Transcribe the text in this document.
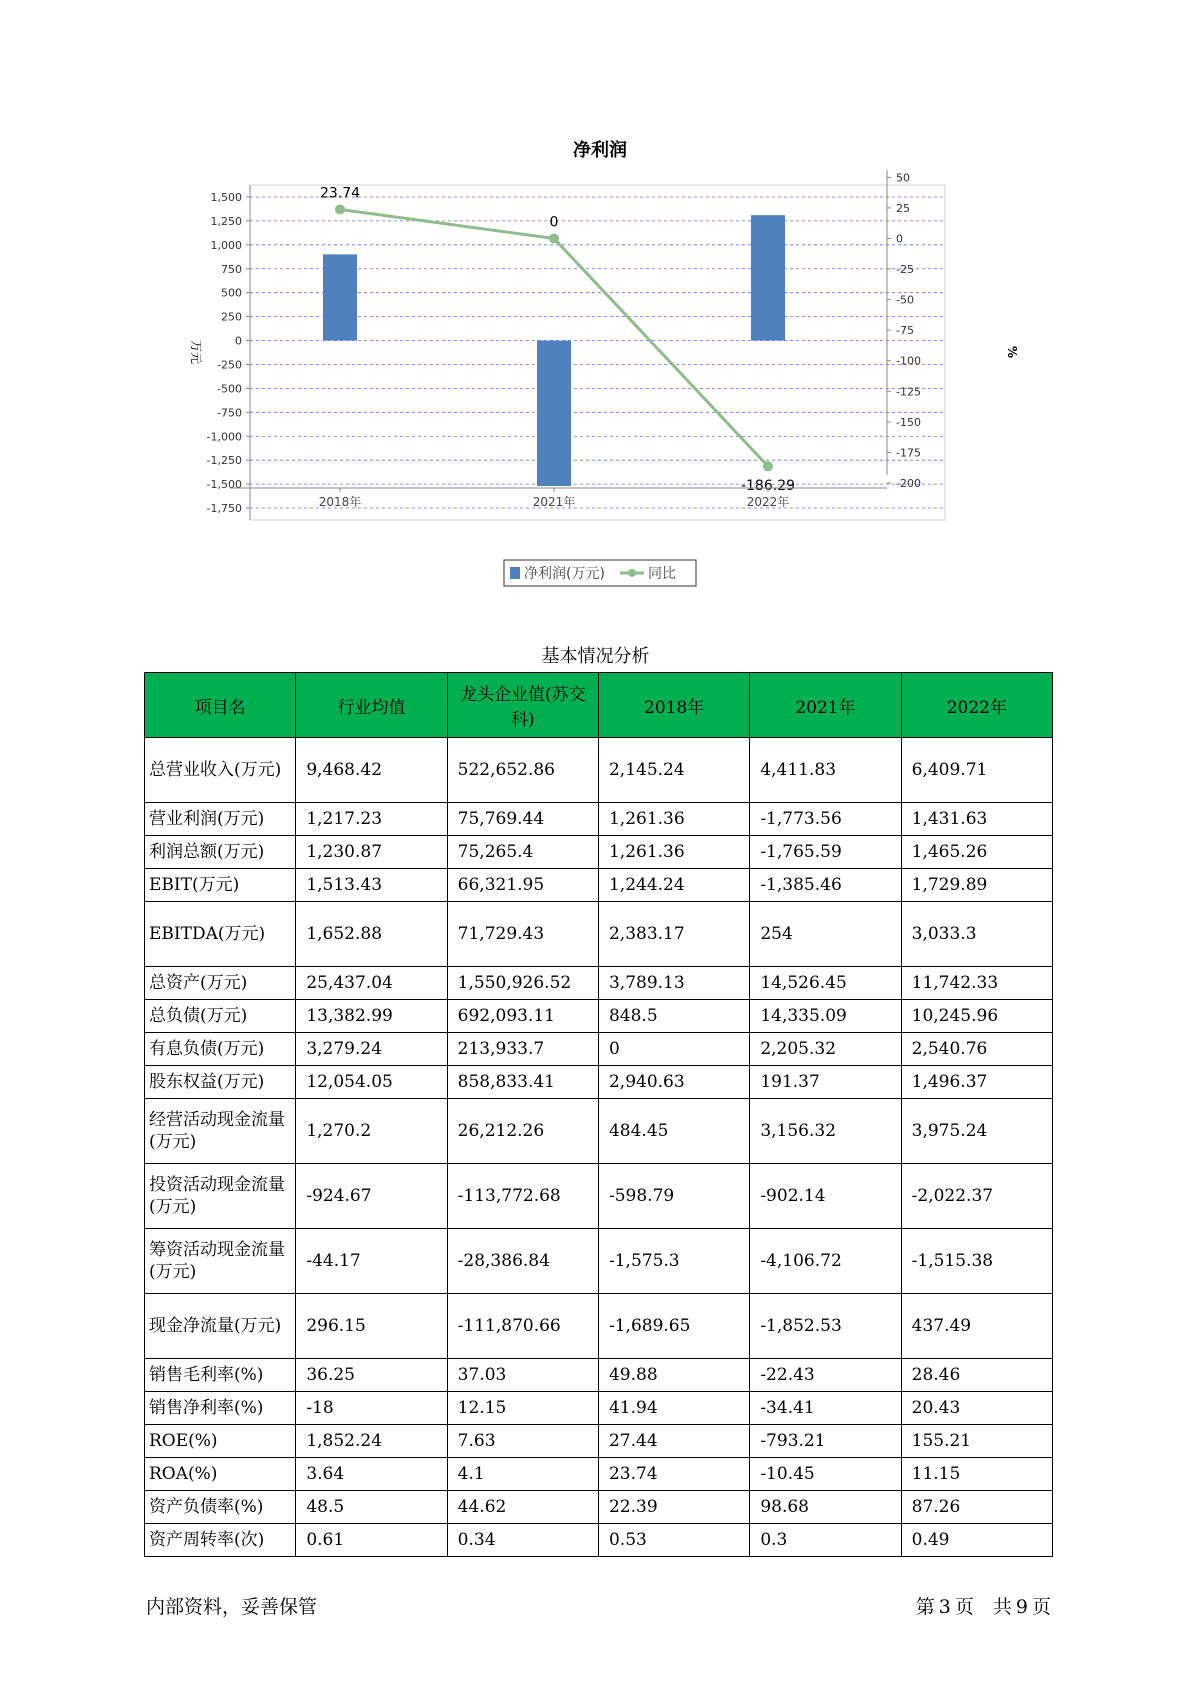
净利润
1,500
1,250
1,000
750
500
250
0
-250
-500
-750
-1,000
-1,250
-1,500
-1,750
50
25
0
-25
-50
-75
-100
-125
-150
-175
-200
23.74
0
-186.29
2018年	2021年	2022年
万元	%
净利润(万元)	同比
基本情况分析
项目名	行业均值	龙头企业值(苏交科)	2018年	2021年	2022年
总营业收入(万元)	9,468.42	522,652.86	2,145.24	4,411.83	6,409.71
营业利润(万元)	1,217.23	75,769.44	1,261.36	-1,773.56	1,431.63
利润总额(万元)	1,230.87	75,265.4	1,261.36	-1,765.59	1,465.26
EBIT(万元)	1,513.43	66,321.95	1,244.24	-1,385.46	1,729.89
EBITDA(万元)	1,652.88	71,729.43	2,383.17	254	3,033.3
总资产(万元)	25,437.04	1,550,926.52	3,789.13	14,526.45	11,742.33
总负债(万元)	13,382.99	692,093.11	848.5	14,335.09	10,245.96
有息负债(万元)	3,279.24	213,933.7	0	2,205.32	2,540.76
股东权益(万元)	12,054.05	858,833.41	2,940.63	191.37	1,496.37
经营活动现金流量(万元)	1,270.2	26,212.26	484.45	3,156.32	3,975.24
投资活动现金流量(万元)	-924.67	-113,772.68	-598.79	-902.14	-2,022.37
筹资活动现金流量(万元)	-44.17	-28,386.84	-1,575.3	-4,106.72	-1,515.38
现金净流量(万元)	296.15	-111,870.66	-1,689.65	-1,852.53	437.49
销售毛利率(%)	36.25	37.03	49.88	-22.43	28.46
销售净利率(%)	-18	12.15	41.94	-34.41	20.43
ROE(%)	1,852.24	7.63	27.44	-793.21	155.21
ROA(%)	3.64	4.1	23.74	-10.45	11.15
资产负债率(%)	48.5	44.62	22.39	98.68	87.26
资产周转率(次)	0.61	0.34	0.53	0.3	0.49
内部资料，妥善保管	第 3 页　共 9 页
